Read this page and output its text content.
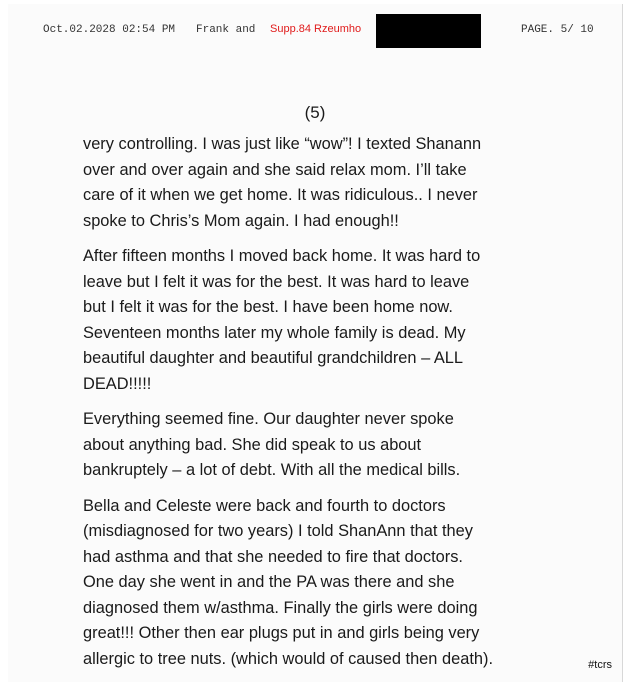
Oct.02.2028 02:54 PM Frank and Supp.84 Rzeumho	PAGE. 5/ 10
(5)

very controlling. I was just like “wow”! I texted Shanann
over and over again and she said relax mom. I’ll take
care of it when we get home. It was ridiculous.. I never
spoke to Chris’s Mom again. I had enough!!

After fifteen months I moved back home. It was hard to
leave but I felt it was for the best. It was hard to leave
but I felt it was for the best. I have been home now.
Seventeen months later my whole family is dead. My
beautiful daughter and beautiful grandchildren – ALL
DEAD!!!!!

Everything seemed fine. Our daughter never spoke
about anything bad. She did speak to us about
bankruptely – a lot of debt. With all the medical bills.

Bella and Celeste were back and fourth to doctors
(misdiagnosed for two years) I told ShanAnn that they
had asthma and that she needed to fire that doctors.
One day she went in and the PA was there and she
diagnosed them w/asthma. Finally the girls were doing
great!!! Other then ear plugs put in and girls being very
allergic to tree nuts. (which would of caused then death).	#tcrs
